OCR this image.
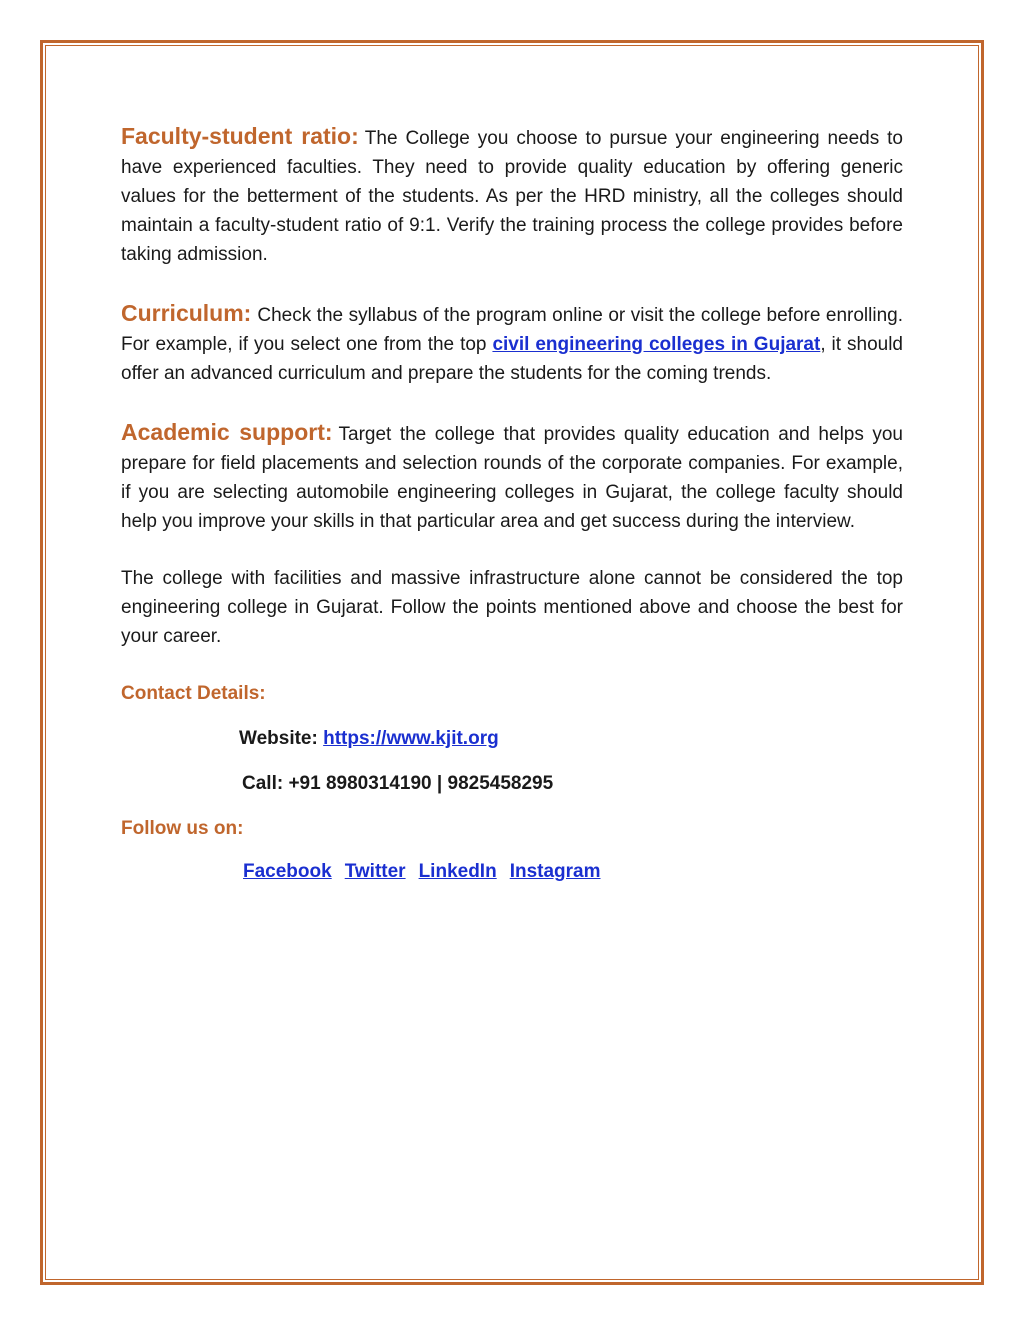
Faculty-student ratio: The College you choose to pursue your engineering needs to have experienced faculties. They need to provide quality education by offering generic values for the betterment of the students. As per the HRD ministry, all the colleges should maintain a faculty-student ratio of 9:1. Verify the training process the college provides before taking admission.

Curriculum: Check the syllabus of the program online or visit the college before enrolling. For example, if you select one from the top civil engineering colleges in Gujarat, it should offer an advanced curriculum and prepare the students for the coming trends.

Academic support: Target the college that provides quality education and helps you prepare for field placements and selection rounds of the corporate companies. For example, if you are selecting automobile engineering colleges in Gujarat, the college faculty should help you improve your skills in that particular area and get success during the interview.

The college with facilities and massive infrastructure alone cannot be considered the top engineering college in Gujarat. Follow the points mentioned above and choose the best for your career.

Contact Details:
Website: https://www.kjit.org
Call: +91 8980314190 | 9825458295
Follow us on:
Facebook Twitter LinkedIn Instagram
